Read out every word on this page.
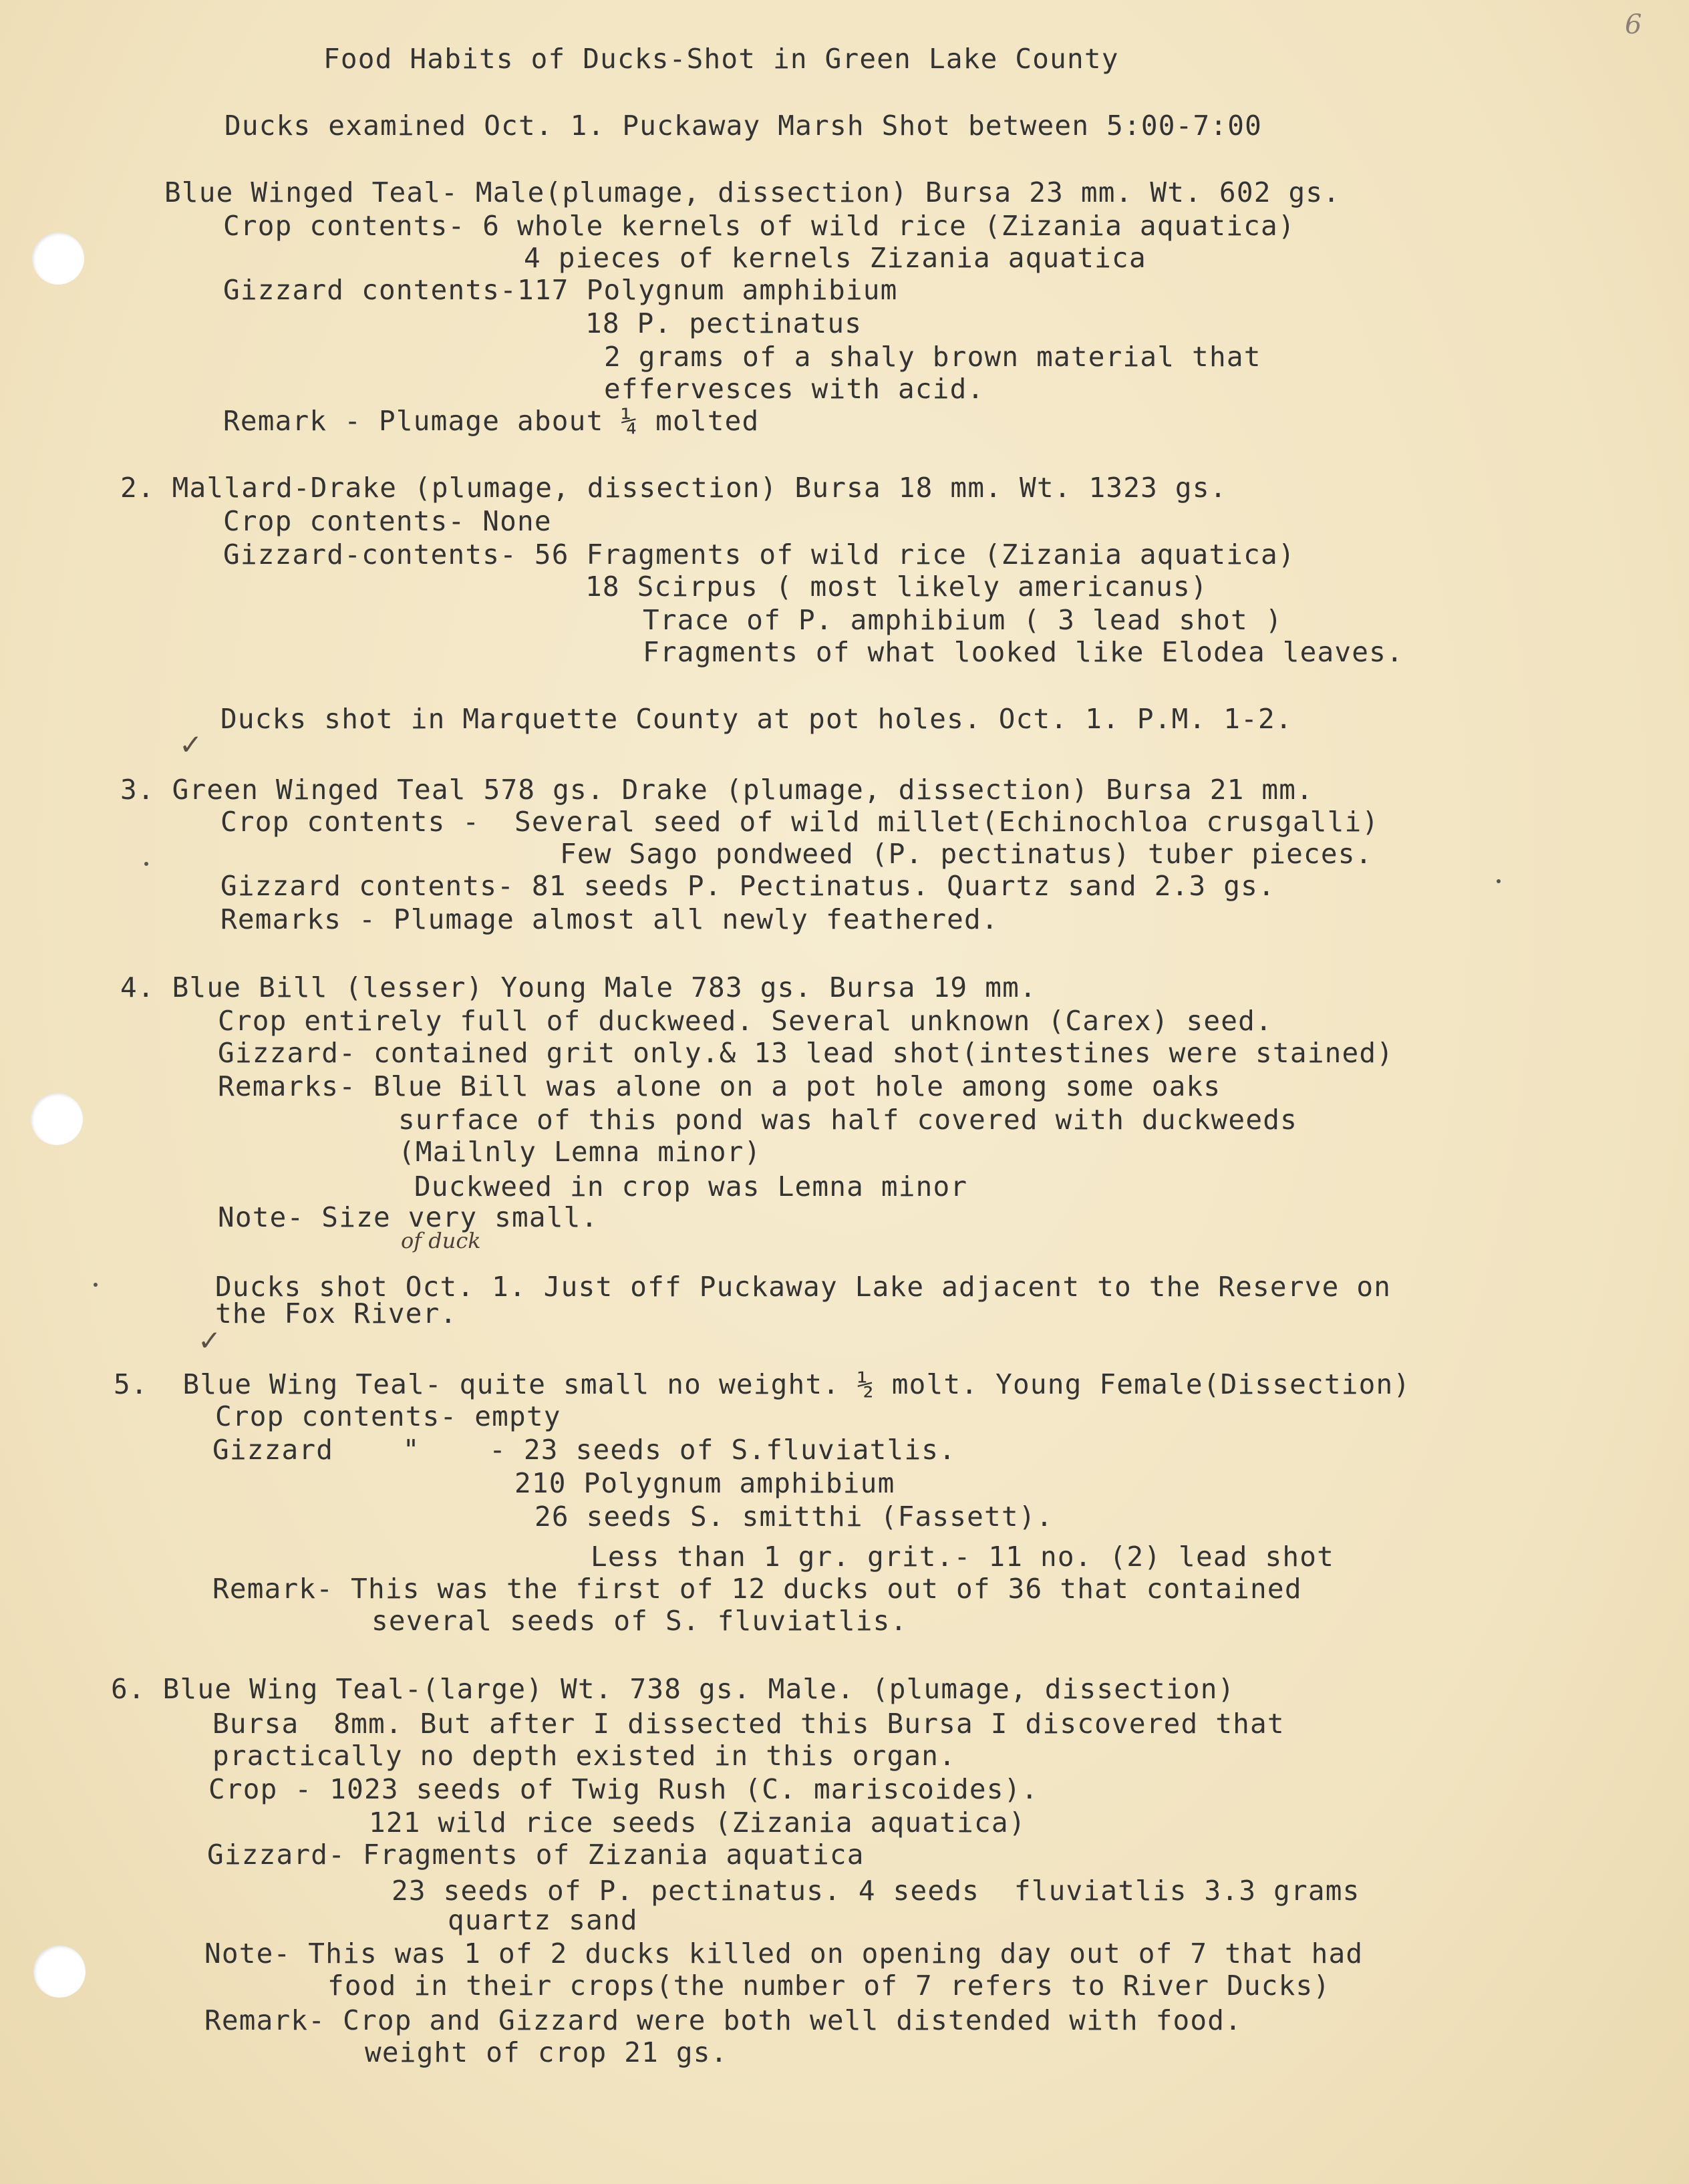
6
Food Habits of Ducks-Shot in Green Lake County
Ducks examined Oct. 1. Puckaway Marsh Shot between 5:00-7:00
Blue Winged Teal- Male(plumage, dissection) Bursa 23 mm. Wt. 602 gs.
Crop contents- 6 whole kernels of wild rice (Zizania aquatica)
4 pieces of kernels Zizania aquatica
Gizzard contents-117 Polygnum amphibium
18 P. pectinatus
2 grams of a shaly brown material that
effervesces with acid.
Remark - Plumage about ¼ molted
2. Mallard-Drake (plumage, dissection) Bursa 18 mm. Wt. 1323 gs.
Crop contents- None
Gizzard-contents- 56 Fragments of wild rice (Zizania aquatica)
18 Scirpus ( most likely americanus)
Trace of P. amphibium ( 3 lead shot )
Fragments of what looked like Elodea leaves.
✓
Ducks shot in Marquette County at pot holes. Oct. 1. P.M. 1-2.
3. Green Winged Teal 578 gs. Drake (plumage, dissection) Bursa 21 mm.
Crop contents -  Several seed of wild millet(Echinochloa crusgalli)
Few Sago pondweed (P. pectinatus) tuber pieces.
Gizzard contents- 81 seeds P. Pectinatus. Quartz sand 2.3 gs.
Remarks - Plumage almost all newly feathered.
4. Blue Bill (lesser) Young Male 783 gs. Bursa 19 mm.
Crop entirely full of duckweed. Several unknown (Carex) seed.
Gizzard- contained grit only.& 13 lead shot(intestines were stained)
Remarks- Blue Bill was alone on a pot hole among some oaks
surface of this pond was half covered with duckweeds
(Mailnly Lemna minor)
Duckweed in crop was Lemna minor
Note- Size very small.
of duck
Ducks shot Oct. 1. Just off Puckaway Lake adjacent to the Reserve on
the Fox River.
✓
5.  Blue Wing Teal- quite small no weight. ½ molt. Young Female(Dissection)
Crop contents- empty
Gizzard    "    - 23 seeds of S.fluviatlis.
210 Polygnum amphibium
26 seeds S. smitthi (Fassett).
Less than 1 gr. grit.- 11 no. (2) lead shot
Remark- This was the first of 12 ducks out of 36 that contained
several seeds of S. fluviatlis.
6. Blue Wing Teal-(large) Wt. 738 gs. Male. (plumage, dissection)
Bursa  8mm. But after I dissected this Bursa I discovered that
practically no depth existed in this organ.
Crop - 1023 seeds of Twig Rush (C. mariscoides).
121 wild rice seeds (Zizania aquatica)
Gizzard- Fragments of Zizania aquatica
23 seeds of P. pectinatus. 4 seeds  fluviatlis 3.3 grams
quartz sand
Note- This was 1 of 2 ducks killed on opening day out of 7 that had
food in their crops(the number of 7 refers to River Ducks)
Remark- Crop and Gizzard were both well distended with food.
weight of crop 21 gs.
